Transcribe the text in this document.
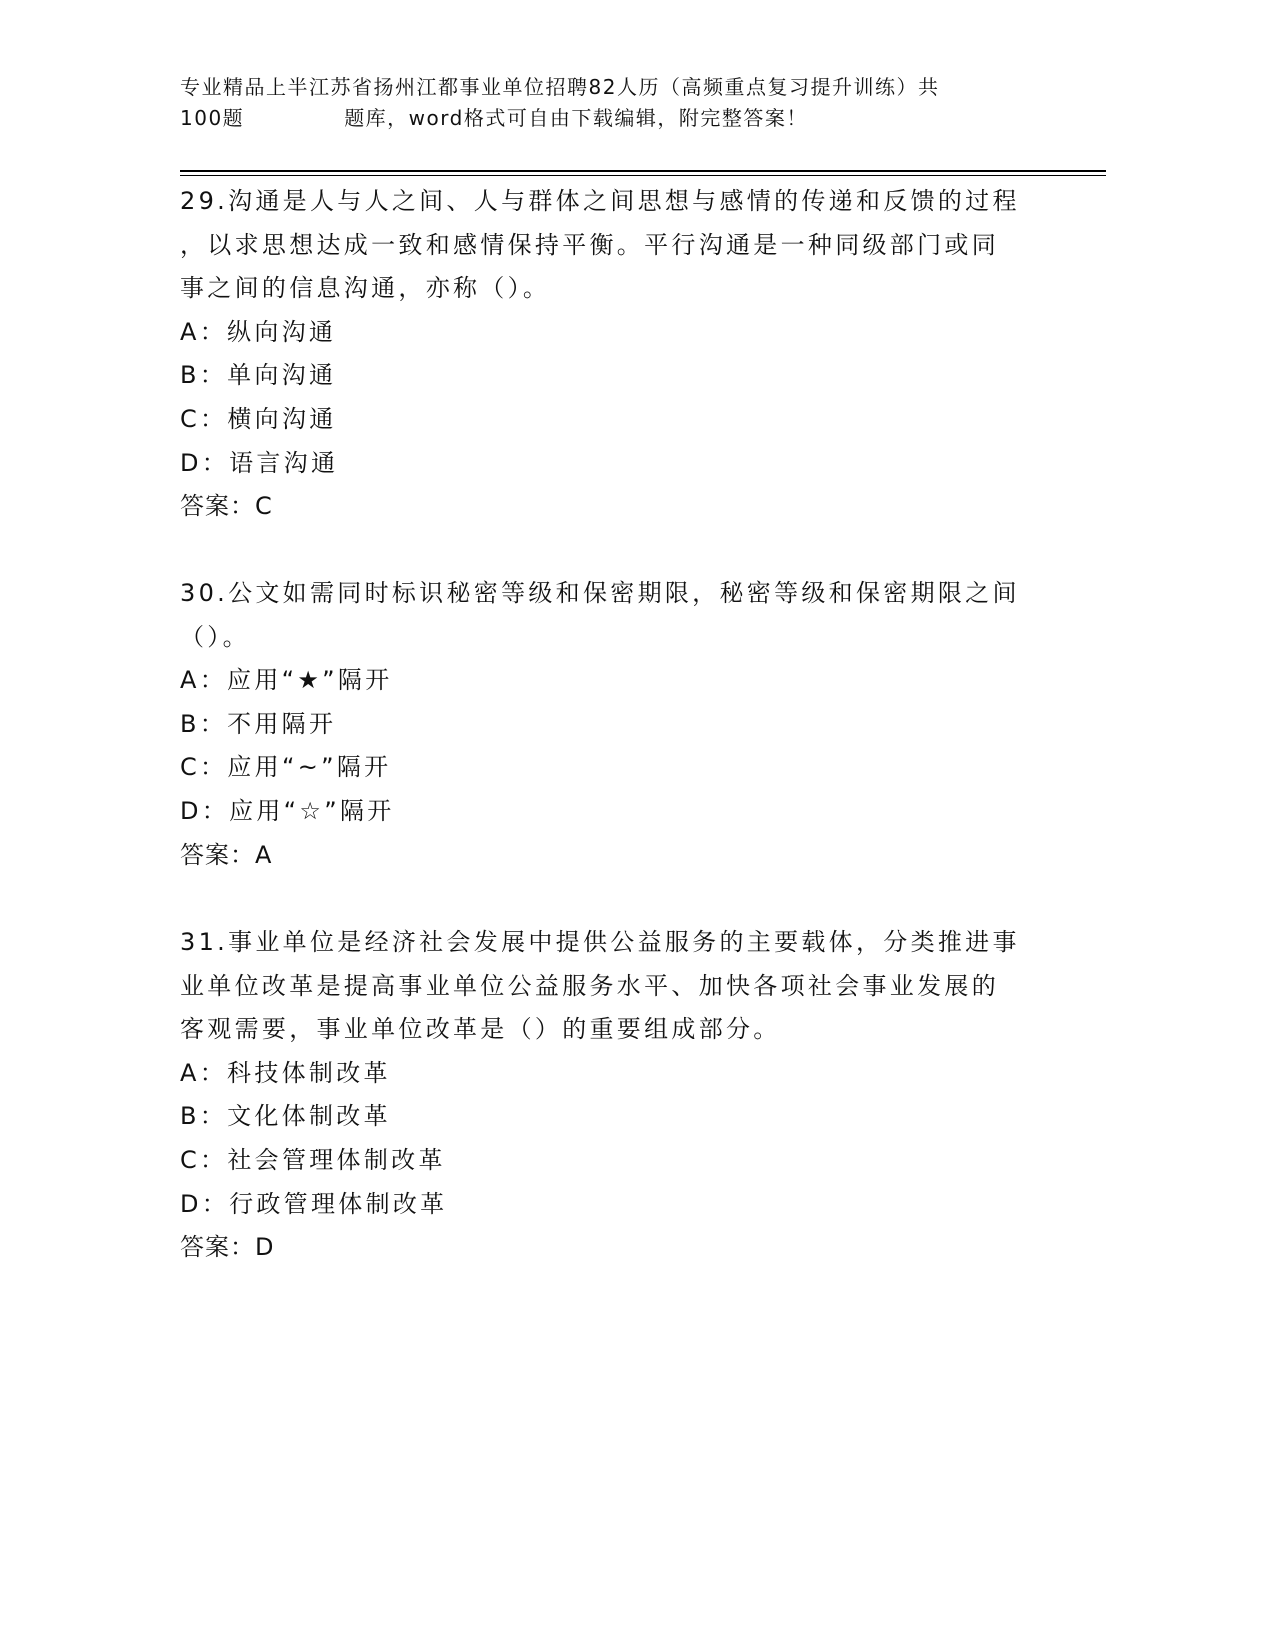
专业精品上半江苏省扬州江都事业单位招聘82人历（高频重点复习提升训练）共
100题	题库，word格式可自由下载编辑，附完整答案！
29.沟通是人与人之间、人与群体之间思想与感情的传递和反馈的过程
，以求思想达成一致和感情保持平衡。平行沟通是一种同级部门或同
事之间的信息沟通，亦称（）。
A：纵向沟通
B：单向沟通
C：横向沟通
D：语言沟通
答案：C
30.公文如需同时标识秘密等级和保密期限，秘密等级和保密期限之间
（）。
A：应用“★”隔开
B：不用隔开
C：应用“~”隔开
D：应用“☆”隔开
答案：A
31.事业单位是经济社会发展中提供公益服务的主要载体，分类推进事
业单位改革是提高事业单位公益服务水平、加快各项社会事业发展的
客观需要，事业单位改革是（）的重要组成部分。
A：科技体制改革
B：文化体制改革
C：社会管理体制改革
D：行政管理体制改革
答案：D
